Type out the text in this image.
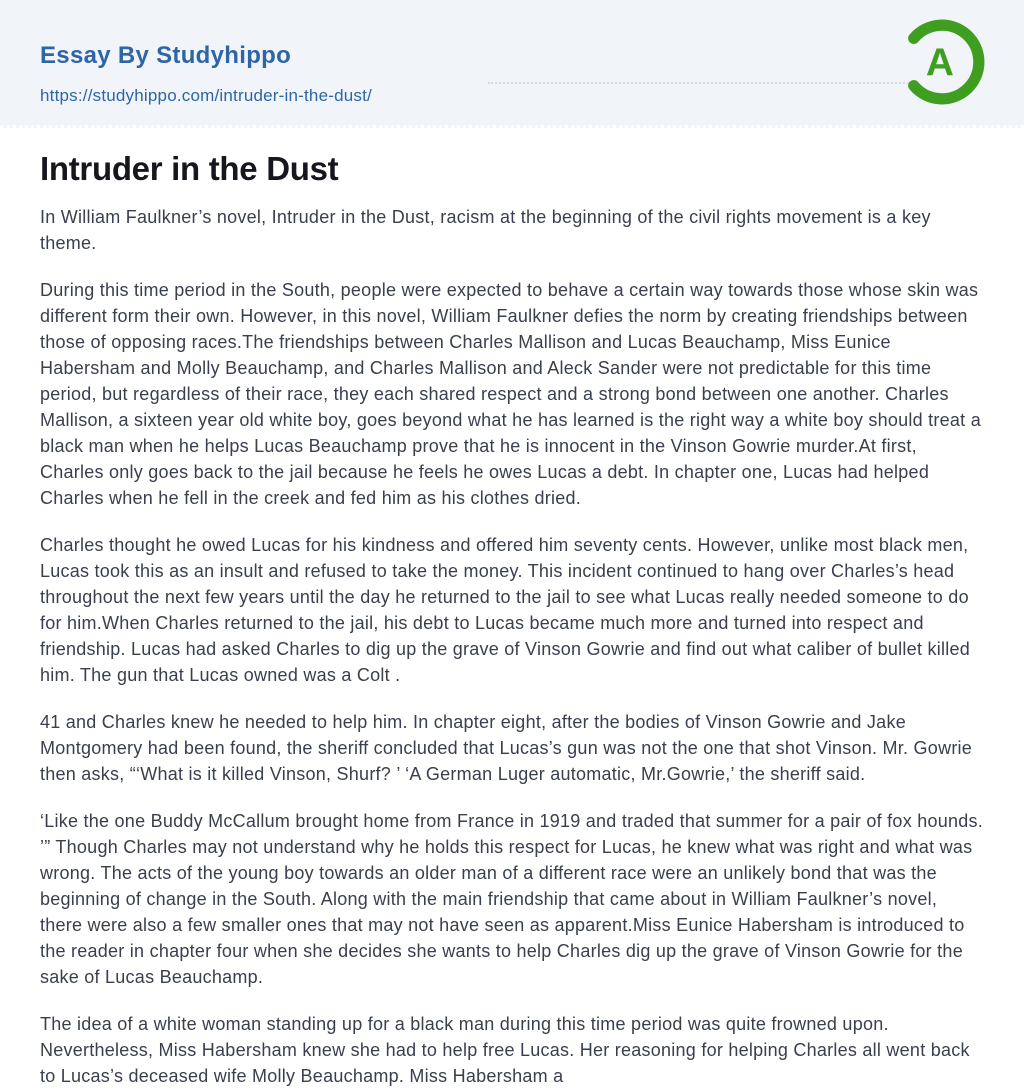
Essay By Studyhippo
https://studyhippo.com/intruder-in-the-dust/
A
Intruder in the Dust

In William Faulkner’s novel, Intruder in the Dust, racism at the beginning of the civil rights movement is a key theme.

During this time period in the South, people were expected to behave a certain way towards those whose skin was different form their own. However, in this novel, William Faulkner defies the norm by creating friendships between those of opposing races.The friendships between Charles Mallison and Lucas Beauchamp, Miss Eunice Habersham and Molly Beauchamp, and Charles Mallison and Aleck Sander were not predictable for this time period, but regardless of their race, they each shared respect and a strong bond between one another. Charles Mallison, a sixteen year old white boy, goes beyond what he has learned is the right way a white boy should treat a black man when he helps Lucas Beauchamp prove that he is innocent in the Vinson Gowrie murder.At first, Charles only goes back to the jail because he feels he owes Lucas a debt. In chapter one, Lucas had helped Charles when he fell in the creek and fed him as his clothes dried.

Charles thought he owed Lucas for his kindness and offered him seventy cents. However, unlike most black men, Lucas took this as an insult and refused to take the money. This incident continued to hang over Charles’s head throughout the next few years until the day he returned to the jail to see what Lucas really needed someone to do for him.When Charles returned to the jail, his debt to Lucas became much more and turned into respect and friendship. Lucas had asked Charles to dig up the grave of Vinson Gowrie and find out what caliber of bullet killed him. The gun that Lucas owned was a Colt .

41 and Charles knew he needed to help him. In chapter eight, after the bodies of Vinson Gowrie and Jake Montgomery had been found, the sheriff concluded that Lucas’s gun was not the one that shot Vinson. Mr. Gowrie then asks, “‘What is it killed Vinson, Shurf? ’ ‘A German Luger automatic, Mr.Gowrie,’ the sheriff said.

‘Like the one Buddy McCallum brought home from France in 1919 and traded that summer for a pair of fox hounds. ’” Though Charles may not understand why he holds this respect for Lucas, he knew what was right and what was wrong. The acts of the young boy towards an older man of a different race were an unlikely bond that was the beginning of change in the South. Along with the main friendship that came about in William Faulkner’s novel, there were also a few smaller ones that may not have seen as apparent.Miss Eunice Habersham is introduced to the reader in chapter four when she decides she wants to help Charles dig up the grave of Vinson Gowrie for the sake of Lucas Beauchamp.

The idea of a white woman standing up for a black man during this time period was quite frowned upon. Nevertheless, Miss Habersham knew she had to help free Lucas. Her reasoning for helping Charles all went back to Lucas’s deceased wife Molly Beauchamp. Miss Habersham a
